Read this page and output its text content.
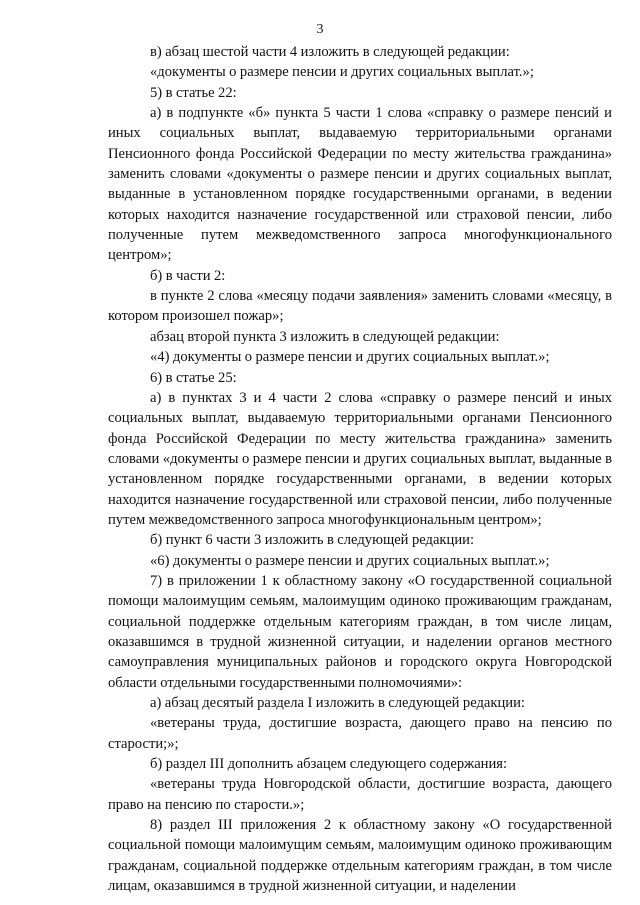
3

в) абзац шестой части 4 изложить в следующей редакции:

«документы о размере пенсии и других социальных выплат.»;

5) в статье 22:

а) в подпункте «б» пункта 5 части 1 слова «справку о размере пенсий и иных социальных выплат, выдаваемую территориальными органами Пенсионного фонда Российской Федерации по месту жительства гражданина» заменить словами «документы о размере пенсии и других социальных выплат, выданные в установленном порядке государственными органами, в ведении которых находится назначение государственной или страховой пенсии, либо полученные путем межведомственного запроса многофункционального центром»;

б) в части 2:

в пункте 2 слова «месяцу подачи заявления» заменить словами «месяцу, в котором произошел пожар»;

абзац второй пункта 3 изложить в следующей редакции:

«4) документы о размере пенсии и других социальных выплат.»;

6) в статье 25:

а) в пунктах 3 и 4 части 2 слова «справку о размере пенсий и иных социальных выплат, выдаваемую территориальными органами Пенсионного фонда Российской Федерации по месту жительства гражданина» заменить словами «документы о размере пенсии и других социальных выплат, выданные в установленном порядке государственными органами, в ведении которых находится назначение государственной или страховой пенсии, либо полученные путем межведомственного запроса многофункциональным центром»;

б) пункт 6 части 3 изложить в следующей редакции:

«6) документы о размере пенсии и других социальных выплат.»;

7) в приложении 1 к областному закону «О государственной социальной помощи малоимущим семьям, малоимущим одиноко проживающим гражданам, социальной поддержке отдельным категориям граждан, в том числе лицам, оказавшимся в трудной жизненной ситуации, и наделении органов местного самоуправления муниципальных районов и городского округа Новгородской области отдельными государственными полномочиями»:

а) абзац десятый раздела I изложить в следующей редакции:

«ветераны труда, достигшие возраста, дающего право на пенсию по старости;»;

б) раздел III дополнить абзацем следующего содержания:

«ветераны труда Новгородской области, достигшие возраста, дающего право на пенсию по старости.»;

8) раздел III приложения 2 к областному закону «О государственной социальной помощи малоимущим семьям, малоимущим одиноко проживающим гражданам, социальной поддержке отдельным категориям граждан, в том числе лицам, оказавшимся в трудной жизненной ситуации, и наделении
